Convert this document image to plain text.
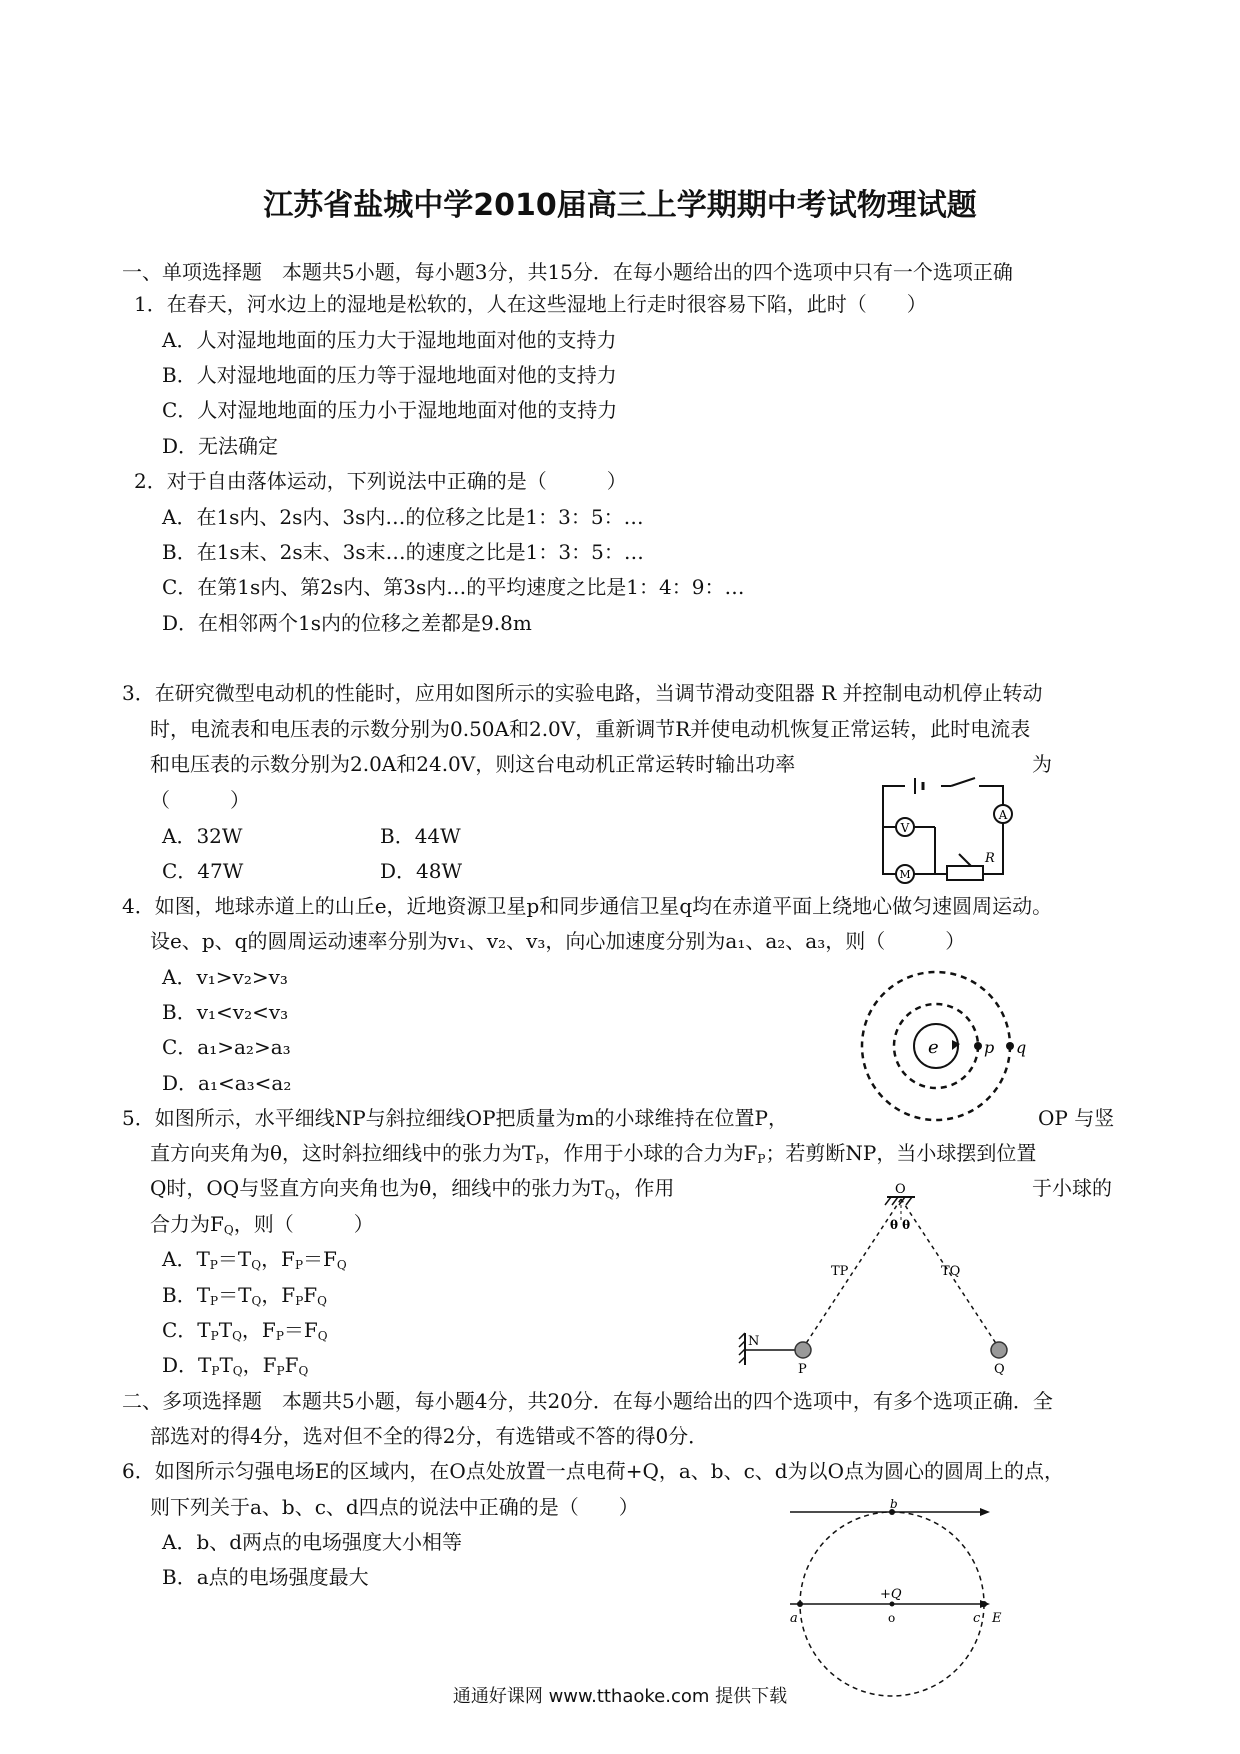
江苏省盐城中学2010届高三上学期期中考试物理试题
一、单项选择题　本题共5小题，每小题3分，共15分．在每小题给出的四个选项中只有一个选项正确
1．在春天，河水边上的湿地是松软的，人在这些湿地上行走时很容易下陷，此时（　　）
A．人对湿地地面的压力大于湿地地面对他的支持力
B．人对湿地地面的压力等于湿地地面对他的支持力
C．人对湿地地面的压力小于湿地地面对他的支持力
D．无法确定
2．对于自由落体运动，下列说法中正确的是（　　　）
A．在1s内、2s内、3s内…的位移之比是1：3：5：…
B．在1s末、2s末、3s末…的速度之比是1：3：5：…
C．在第1s内、第2s内、第3s内…的平均速度之比是1：4：9：…
D．在相邻两个1s内的位移之差都是9.8m
3．在研究微型电动机的性能时，应用如图所示的实验电路，当调节滑动变阻器 R 并控制电动机停止转动
时，电流表和电压表的示数分别为0.50A和2.0V，重新调节R并使电动机恢复正常运转，此时电流表
和电压表的示数分别为2.0A和24.0V，则这台电动机正常运转时输出功率	为
（　　　）
A．32W	B．44W
C．47W	D．48W
A
V
M
R
4．如图，地球赤道上的山丘e，近地资源卫星p和同步通信卫星q均在赤道平面上绕地心做匀速圆周运动。
设e、p、q的圆周运动速率分别为v₁、v₂、v₃，向心加速度分别为a₁、a₂、a₃，则（　　　）
A．v₁>v₂>v₃
B．v₁<v₂<v₃
C．a₁>a₂>a₃
D．a₁<a₃<a₂
e	p q
5．如图所示，水平细线NP与斜拉细线OP把质量为m的小球维持在位置P，	OP 与竖
直方向夹角为θ，这时斜拉细线中的张力为$T_P$，作用于小球的合力为$F_P$；若剪断NP，当小球摆到位置
Q时，OQ与竖直方向夹角也为θ，细线中的张力为$T_Q$，作用	于小球的
合力为$F_Q$，则（　　　）
A．$T_P=T_Q$，$F_P=F_Q$
B．$T_P=T_Q$，$F_PF_Q$
C．$T_PT_Q$，$F_P=F_Q$
D．$T_PT_Q$，$F_PF_Q$
O
θ θ
TP	TQ
N
P	Q
二、多项选择题　本题共5小题，每小题4分，共20分．在每小题给出的四个选项中，有多个选项正确．全
部选对的得4分，选对但不全的得2分，有选错或不答的得0分．
6．如图所示匀强电场E的区域内，在O点处放置一点电荷+Q，a、b、c、d为以O点为圆心的圆周上的点，
则下列关于a、b、c、d四点的说法中正确的是（　　）
A．b、d两点的电场强度大小相等
B．a点的电场强度最大
b
a	c
o
+Q
E
通通好课网 www.tthaoke.com 提供下载
